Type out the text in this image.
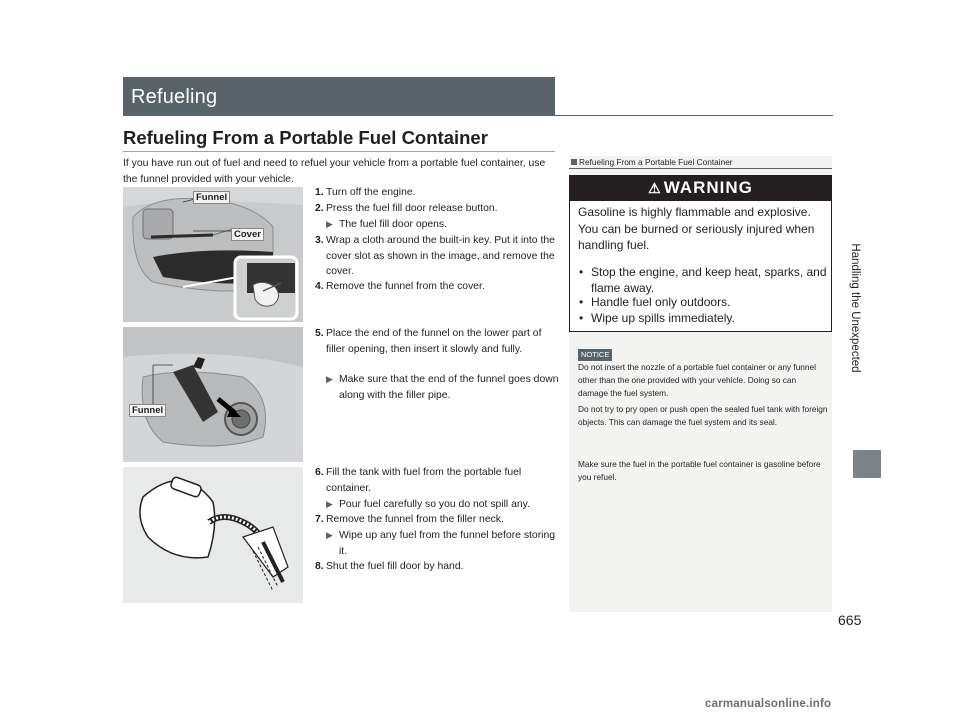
Refueling
Refueling From a Portable Fuel Container
If you have run out of fuel and need to refuel your vehicle from a portable fuel container, use the funnel provided with your vehicle.
1. Turn off the engine.
2. Press the fuel fill door release button.
▶ The fuel fill door opens.
3. Wrap a cloth around the built-in key. Put it into the cover slot as shown in the image, and remove the cover.
4. Remove the funnel from the cover.
5. Place the end of the funnel on the lower part of filler opening, then insert it slowly and fully.
▶ Make sure that the end of the funnel goes down along with the filler pipe.
6. Fill the tank with fuel from the portable fuel container.
▶ Pour fuel carefully so you do not spill any.
7. Remove the funnel from the filler neck.
▶ Wipe up any fuel from the funnel before storing it.
8. Shut the fuel fill door by hand.
Funnel
Cover
Funnel
Refueling From a Portable Fuel Container
⚠ WARNING
Gasoline is highly flammable and explosive. You can be burned or seriously injured when handling fuel.
• Stop the engine, and keep heat, sparks, and flame away.
• Handle fuel only outdoors.
• Wipe up spills immediately.
NOTICE
Do not insert the nozzle of a portable fuel container or any funnel other than the one provided with your vehicle. Doing so can damage the fuel system.
Do not try to pry open or push open the sealed fuel tank with foreign objects. This can damage the fuel system and its seal.
Make sure the fuel in the portable fuel container is gasoline before you refuel.
Handling the Unexpected
665
carmanualsonline.info
